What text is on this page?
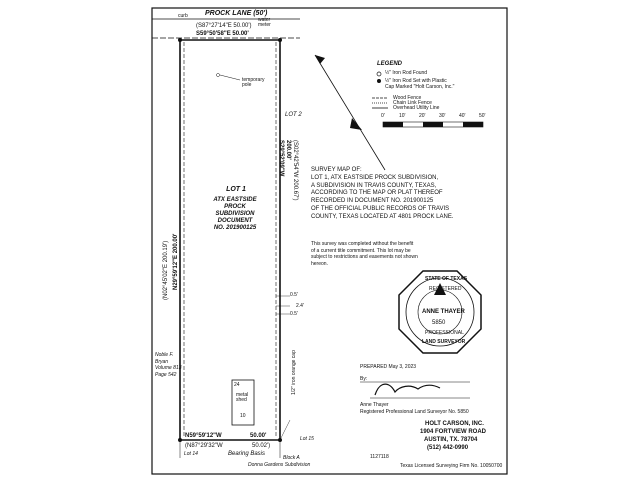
PROCK LANE (50')
curb
water
meter
(S87°27'14"E 50.00')
S59°50'58"E 50.00'
temporary
pole
LOT 2
LOT 1
ATX EASTSIDE
PROCK
SUBDIVISION
DOCUMENT
NO. 201900125
N29°59'12"E 200.00'
(N02°45'02"E 200.19')
S29°52'09"W 200.00' (S02°42'54"W 200.67')
0.5'
2.4'
0.5'
Noble F.
Bryan
Volume 813
Page 542
24
metal
shed
10
1/2" iron orange cap
N59°59'12"W	50.00'
(N87°29'32"W	50.02')
Bearing Basis
Lot 14
Lot 15
Block A
Donna Gardens Subdivision
LEGEND
½" Iron Rod Found
½" Iron Rod Set with Plastic
Cap Marked "Holt Carson, Inc."
Wood Fence
Chain Link Fence
Overhead Utility Line
0'	10'	20'	30'	40'	50'
SURVEY MAP OF:
LOT 1, ATX EASTSIDE PROCK SUBDIVISION,
A SUBDIVISION IN TRAVIS COUNTY, TEXAS,
ACCORDING TO THE MAP OR PLAT THEREOF
RECORDED IN DOCUMENT NO. 201900125
OF THE OFFICIAL PUBLIC RECORDS OF TRAVIS
COUNTY, TEXAS LOCATED AT 4801 PROCK LANE.
This survey was completed without the benefit
of a current title commitment. This lot may be
subject to restrictions and easements not shown
hereon.
STATE OF TEXAS
REGISTERED
ANNE THAYER
5850
PROFESSIONAL
LAND SURVEYOR
PREPARED May 3, 2023
By:
Anne Thayer
Registered Professional Land Surveyor No. 5850
HOLT CARSON, INC.
1904 FORTVIEW ROAD
AUSTIN, TX. 78704
(512) 442-0990
1127118
Texas Licensed Surveying Firm No. 10050700
